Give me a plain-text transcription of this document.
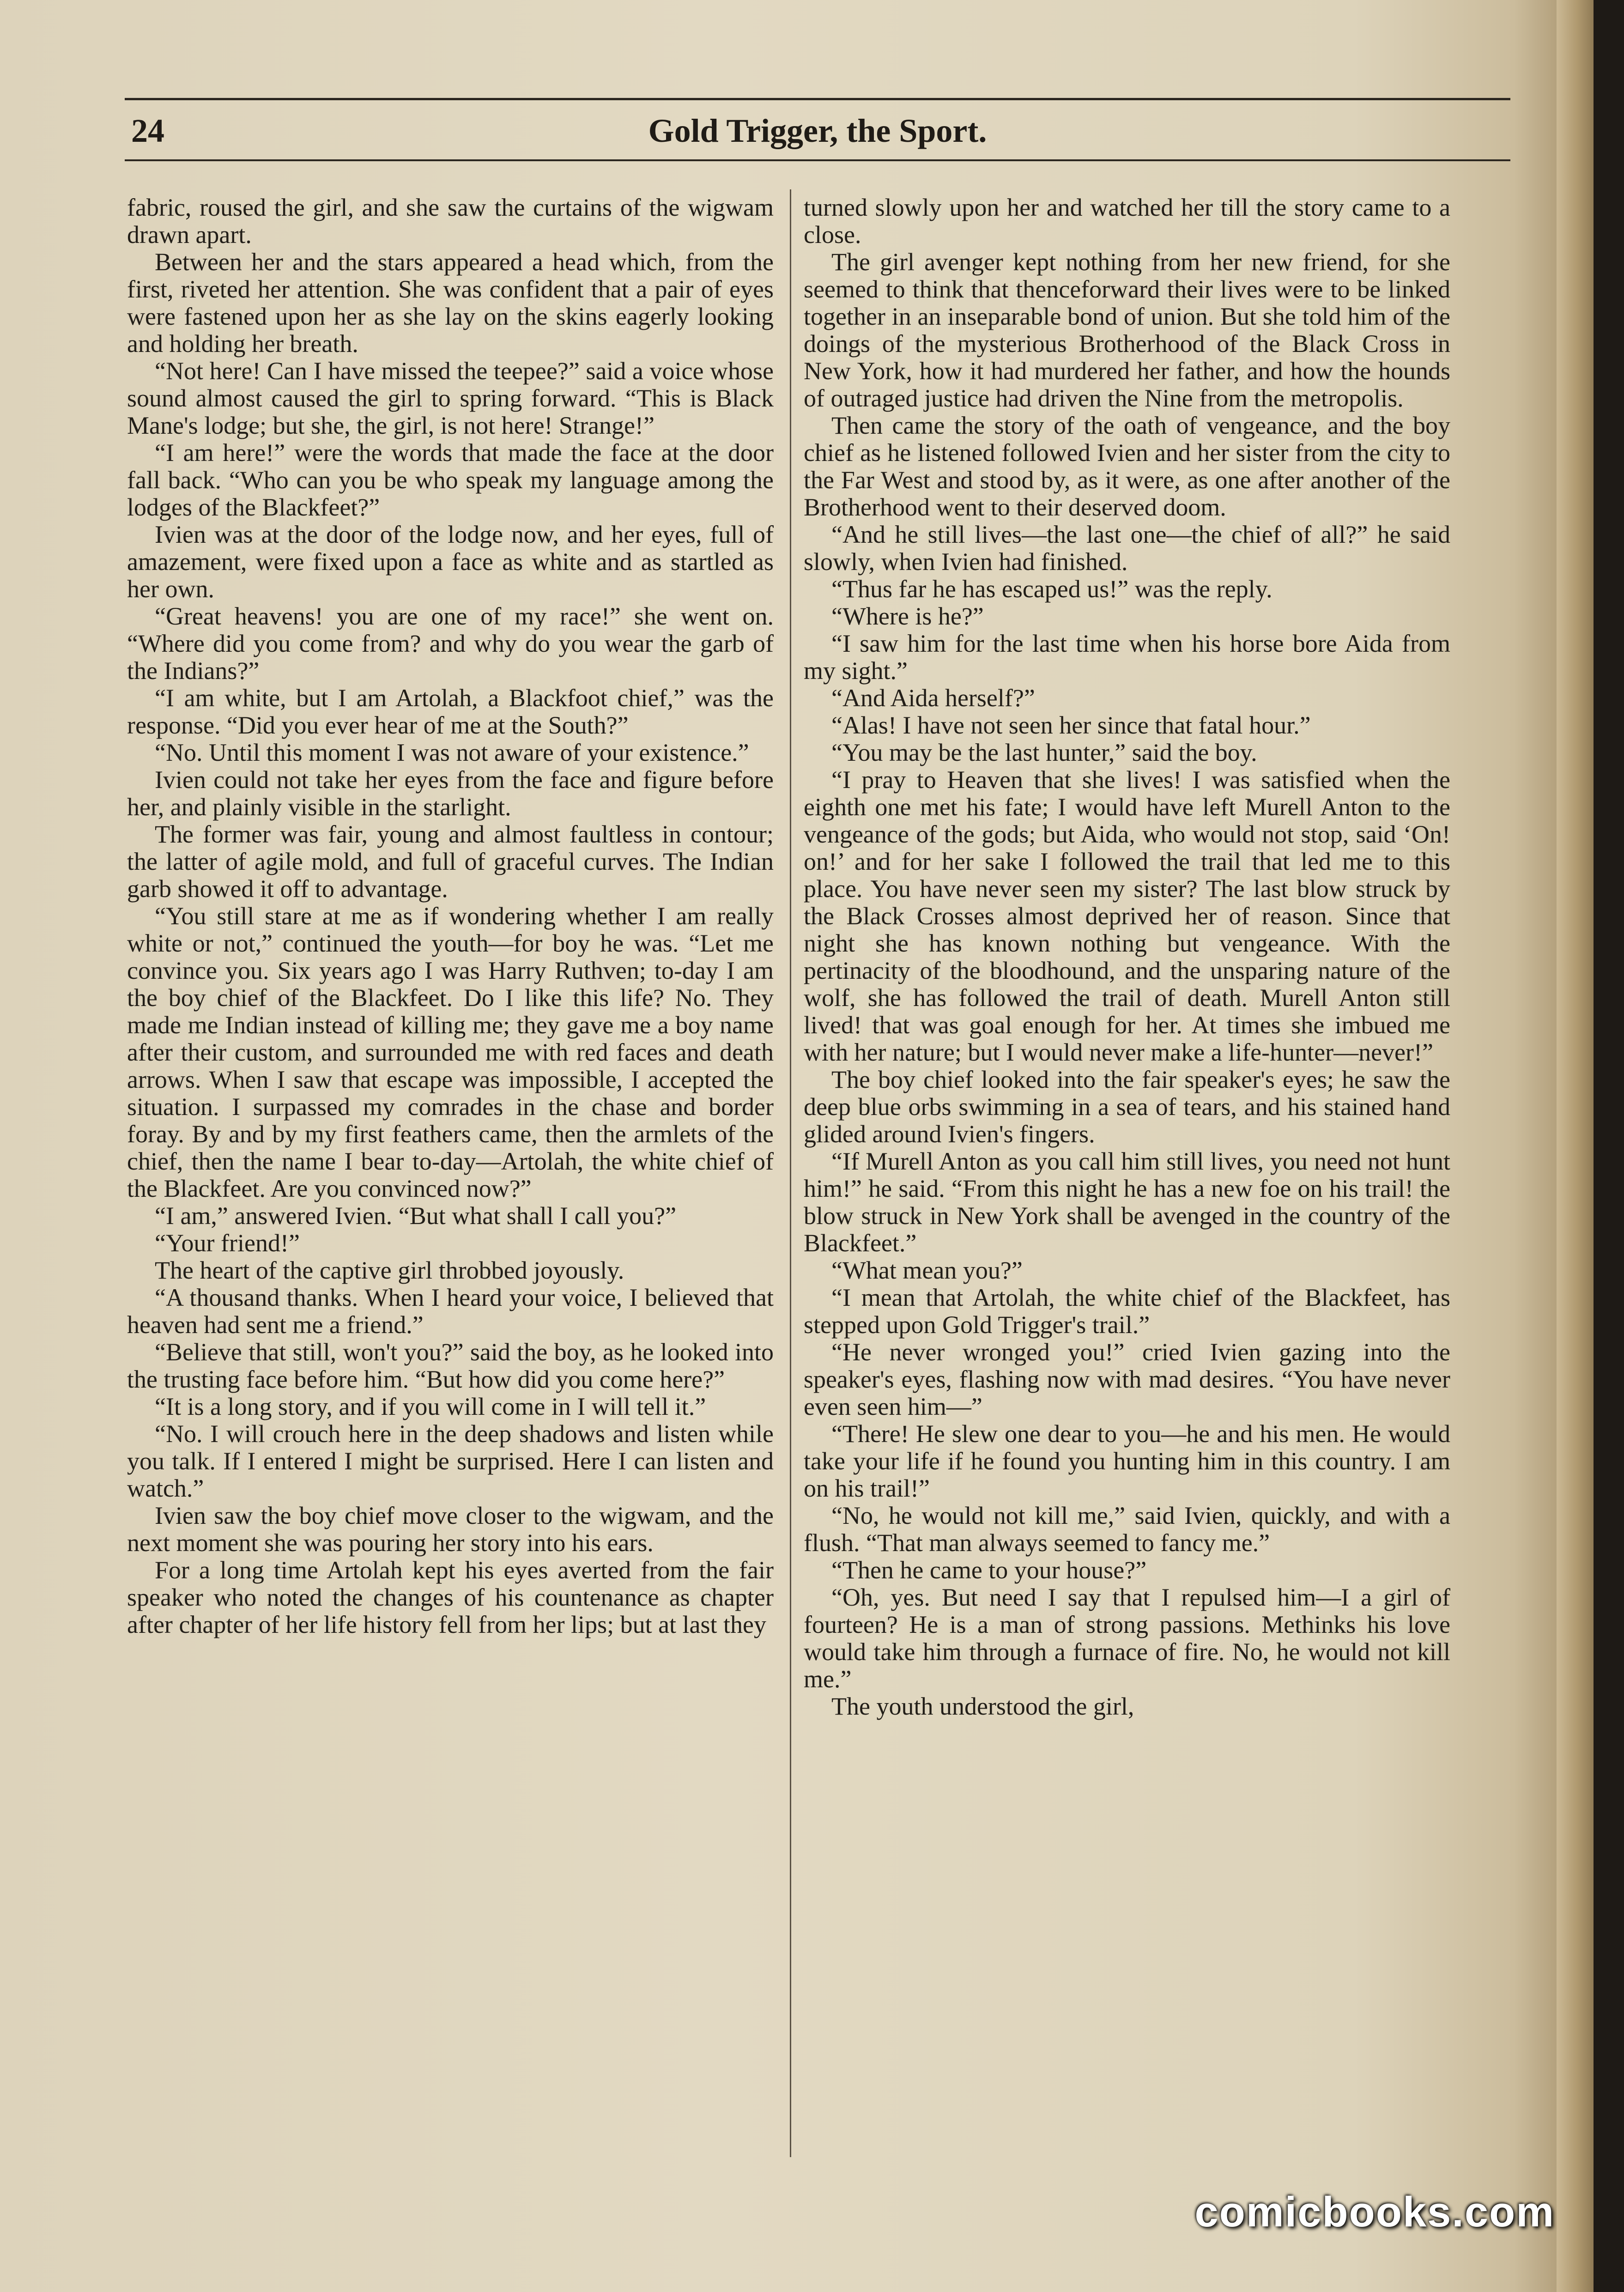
24	Gold Trigger, the Sport.

fabric, roused the girl, and she saw the curtains of the wigwam drawn apart.

Between her and the stars appeared a head which, from the first, riveted her attention. She was confident that a pair of eyes were fastened upon her as she lay on the skins eagerly looking and holding her breath.

“Not here! Can I have missed the teepee?” said a voice whose sound almost caused the girl to spring forward. “This is Black Mane's lodge; but she, the girl, is not here! Strange!”

“I am here!” were the words that made the face at the door fall back. “Who can you be who speak my language among the lodges of the Blackfeet?”

Ivien was at the door of the lodge now, and her eyes, full of amazement, were fixed upon a face as white and as startled as her own.

“Great heavens! you are one of my race!” she went on. “Where did you come from? and why do you wear the garb of the Indians?”

“I am white, but I am Artolah, a Blackfoot chief,” was the response. “Did you ever hear of me at the South?”

“No. Until this moment I was not aware of your existence.”

Ivien could not take her eyes from the face and figure before her, and plainly visible in the starlight.

The former was fair, young and almost faultless in contour; the latter of agile mold, and full of graceful curves. The Indian garb showed it off to advantage.

“You still stare at me as if wondering whether I am really white or not,” continued the youth—for boy he was. “Let me convince you. Six years ago I was Harry Ruthven; to-day I am the boy chief of the Blackfeet. Do I like this life? No. They made me Indian instead of killing me; they gave me a boy name after their custom, and surrounded me with red faces and death arrows. When I saw that escape was impossible, I accepted the situation. I surpassed my comrades in the chase and border foray. By and by my first feathers came, then the armlets of the chief, then the name I bear to-day—Artolah, the white chief of the Blackfeet. Are you convinced now?”

“I am,” answered Ivien. “But what shall I call you?”

“Your friend!”

The heart of the captive girl throbbed joyously.

“A thousand thanks. When I heard your voice, I believed that heaven had sent me a friend.”

“Believe that still, won't you?” said the boy, as he looked into the trusting face before him. “But how did you come here?”

“It is a long story, and if you will come in I will tell it.”

“No. I will crouch here in the deep shadows and listen while you talk. If I entered I might be surprised. Here I can listen and watch.”

Ivien saw the boy chief move closer to the wigwam, and the next moment she was pouring her story into his ears.

For a long time Artolah kept his eyes averted from the fair speaker who noted the changes of his countenance as chapter after chapter of her life history fell from her lips; but at last they

turned slowly upon her and watched her till the story came to a close.

The girl avenger kept nothing from her new friend, for she seemed to think that thenceforward their lives were to be linked together in an inseparable bond of union. But she told him of the doings of the mysterious Brotherhood of the Black Cross in New York, how it had murdered her father, and how the hounds of outraged justice had driven the Nine from the metropolis.

Then came the story of the oath of vengeance, and the boy chief as he listened followed Ivien and her sister from the city to the Far West and stood by, as it were, as one after another of the Brotherhood went to their deserved doom.

“And he still lives—the last one—the chief of all?” he said slowly, when Ivien had finished.

“Thus far he has escaped us!” was the reply.

“Where is he?”

“I saw him for the last time when his horse bore Aida from my sight.”

“And Aida herself?”

“Alas! I have not seen her since that fatal hour.”

“You may be the last hunter,” said the boy.

“I pray to Heaven that she lives! I was satisfied when the eighth one met his fate; I would have left Murell Anton to the vengeance of the gods; but Aida, who would not stop, said ‘On! on!’ and for her sake I followed the trail that led me to this place. You have never seen my sister? The last blow struck by the Black Crosses almost deprived her of reason. Since that night she has known nothing but vengeance. With the pertinacity of the bloodhound, and the unsparing nature of the wolf, she has followed the trail of death. Murell Anton still lived! that was goal enough for her. At times she imbued me with her nature; but I would never make a life-hunter—never!”

The boy chief looked into the fair speaker's eyes; he saw the deep blue orbs swimming in a sea of tears, and his stained hand glided around Ivien's fingers.

“If Murell Anton as you call him still lives, you need not hunt him!” he said. “From this night he has a new foe on his trail! the blow struck in New York shall be avenged in the country of the Blackfeet.”

“What mean you?”

“I mean that Artolah, the white chief of the Blackfeet, has stepped upon Gold Trigger's trail.”

“He never wronged you!” cried Ivien gazing into the speaker's eyes, flashing now with mad desires. “You have never even seen him—”

“There! He slew one dear to you—he and his men. He would take your life if he found you hunting him in this country. I am on his trail!”

“No, he would not kill me,” said Ivien, quickly, and with a flush. “That man always seemed to fancy me.”

“Then he came to your house?”

“Oh, yes. But need I say that I repulsed him—I a girl of fourteen? He is a man of strong passions. Methinks his love would take him through a furnace of fire. No, he would not kill me.”

The youth understood the girl,

comicbooks.com
